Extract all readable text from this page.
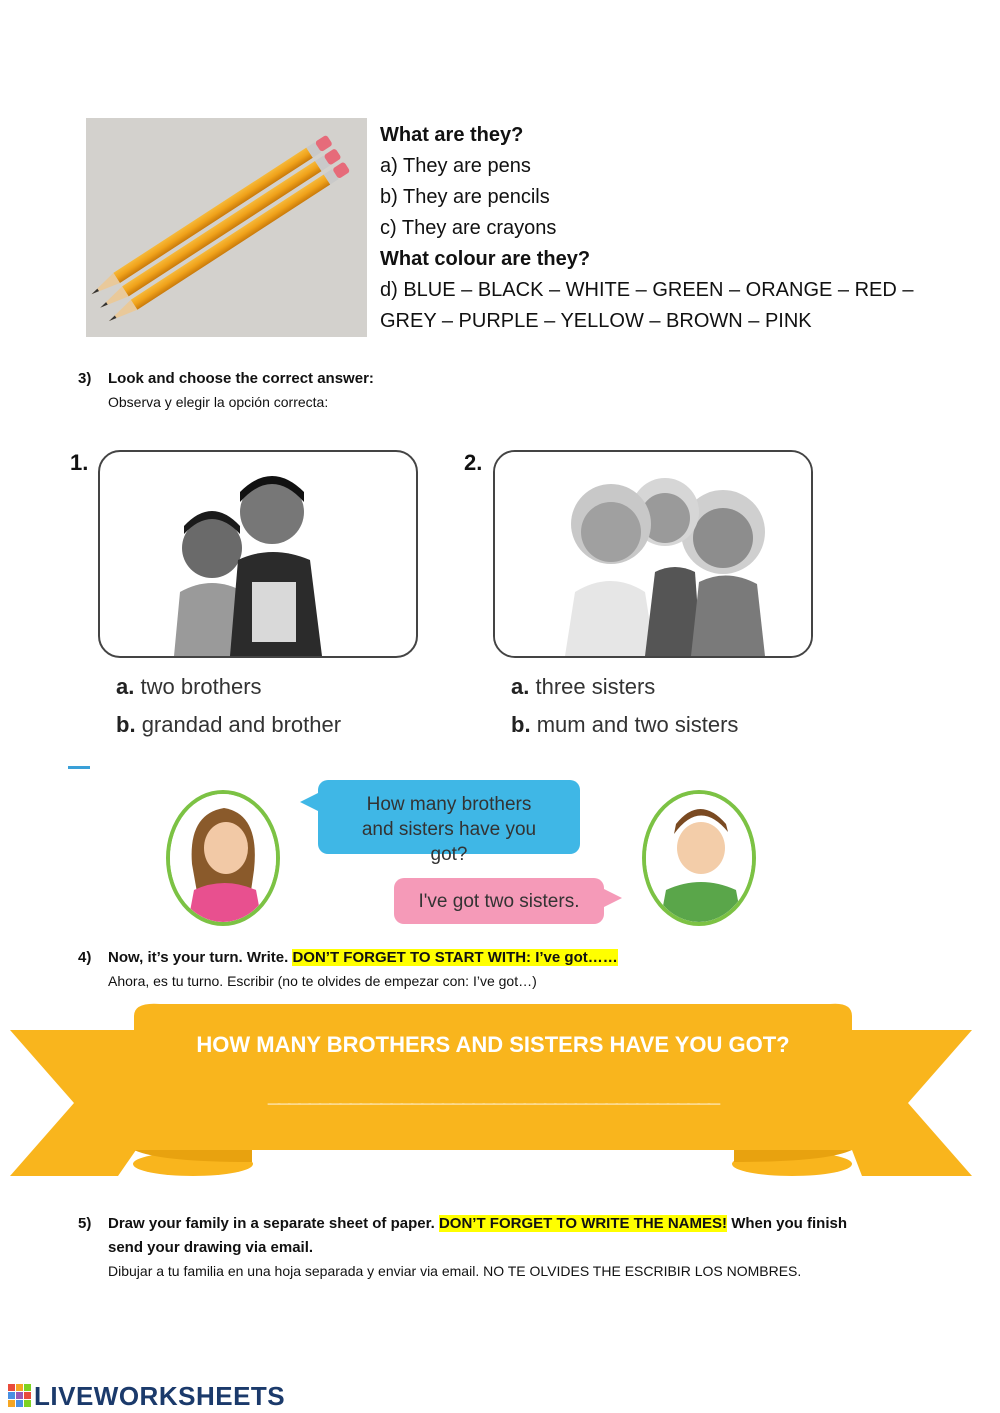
What are they?
a) They are pens
b) They are pencils
c) They are crayons
What colour are they?
d) BLUE – BLACK – WHITE – GREEN – ORANGE – RED –
GREY – PURPLE – YELLOW – BROWN – PINK
3) Look and choose the correct answer:
Observa y elegir la opción correcta:
1.
a. two brothers
b. grandad and brother
2.
a. three sisters
b. mum and two sisters
How many brothers and sisters have you got?
I've got two sisters.
4) Now, it’s your turn. Write. DON’T FORGET TO START WITH: I’ve got……
Ahora, es tu turno. Escribir (no te olvides de empezar con: I’ve got…)
HOW MANY BROTHERS AND SISTERS HAVE YOU GOT?
____________________________________________
5) Draw your family in a separate sheet of paper. DON’T FORGET TO WRITE THE NAMES! When you finish
send your drawing via email.
Dibujar a tu familia en una hoja separada y enviar via email. NO TE OLVIDES THE ESCRIBIR LOS NOMBRES.
LIVEWORKSHEETS
